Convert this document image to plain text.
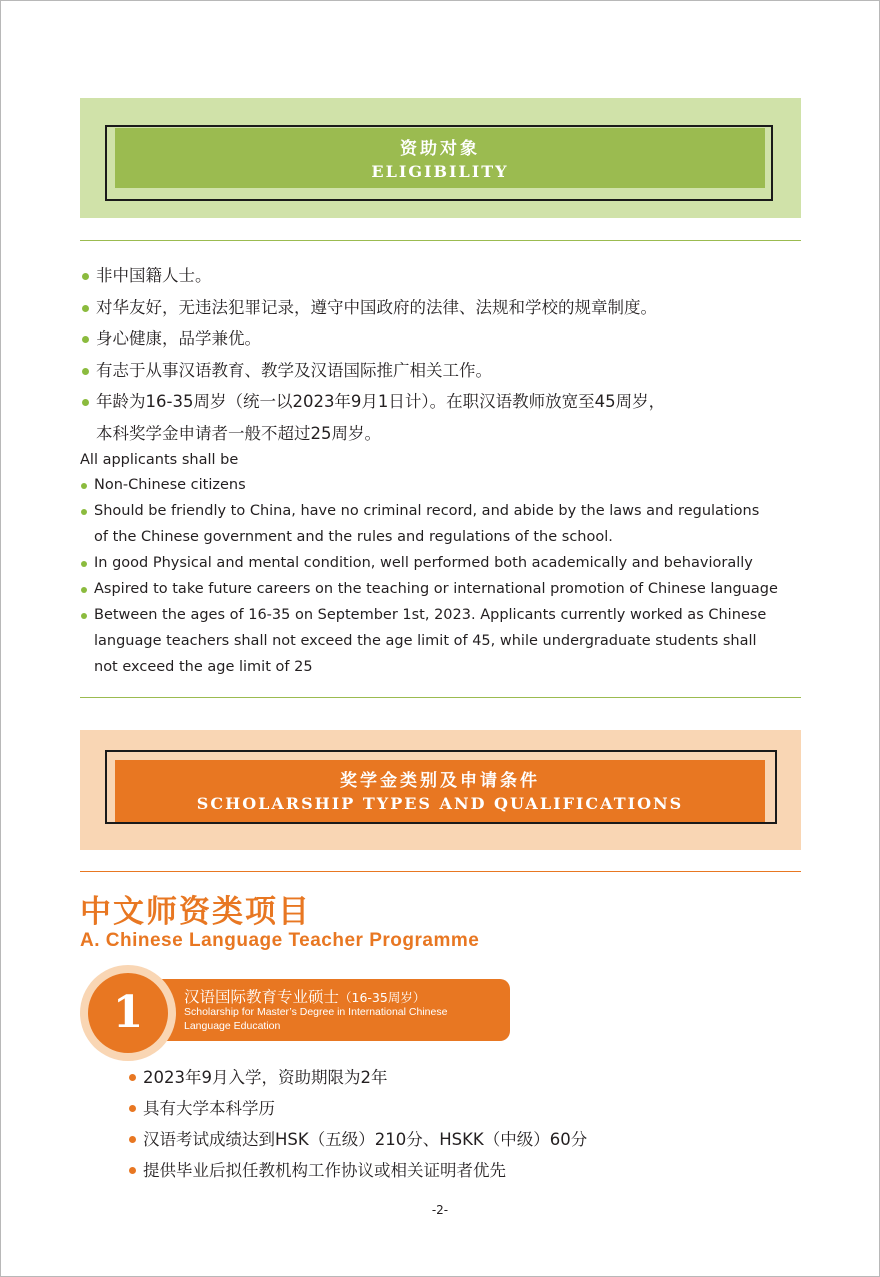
资助对象
ELIGIBILITY
非中国籍人士。
对华友好，无违法犯罪记录，遵守中国政府的法律、法规和学校的规章制度。
身心健康，品学兼优。
有志于从事汉语教育、教学及汉语国际推广相关工作。
年龄为16-35周岁（统一以2023年9月1日计）。在职汉语教师放宽至45周岁，
本科奖学金申请者一般不超过25周岁。
All applicants shall be
Non-Chinese citizens
Should be friendly to China, have no criminal record, and abide by the laws and regulations
of the Chinese government and the rules and regulations of the school.
In good Physical and mental condition, well performed both academically and behaviorally
Aspired to take future careers on the teaching or international promotion of Chinese language
Between the ages of 16-35 on September 1st, 2023. Applicants currently worked as Chinese
language teachers shall not exceed the age limit of 45, while undergraduate students shall
not exceed the age limit of 25
奖学金类别及申请条件
SCHOLARSHIP TYPES AND QUALIFICATIONS
中文师资类项目
A. Chinese Language Teacher Programme
1	汉语国际教育专业硕士（16-35周岁）
Scholarship for Master’s Degree in International Chinese Language Education
2023年9月入学，资助期限为2年
具有大学本科学历
汉语考试成绩达到HSK（五级）210分、HSKK（中级）60分
提供毕业后拟任教机构工作协议或相关证明者优先
-2-
